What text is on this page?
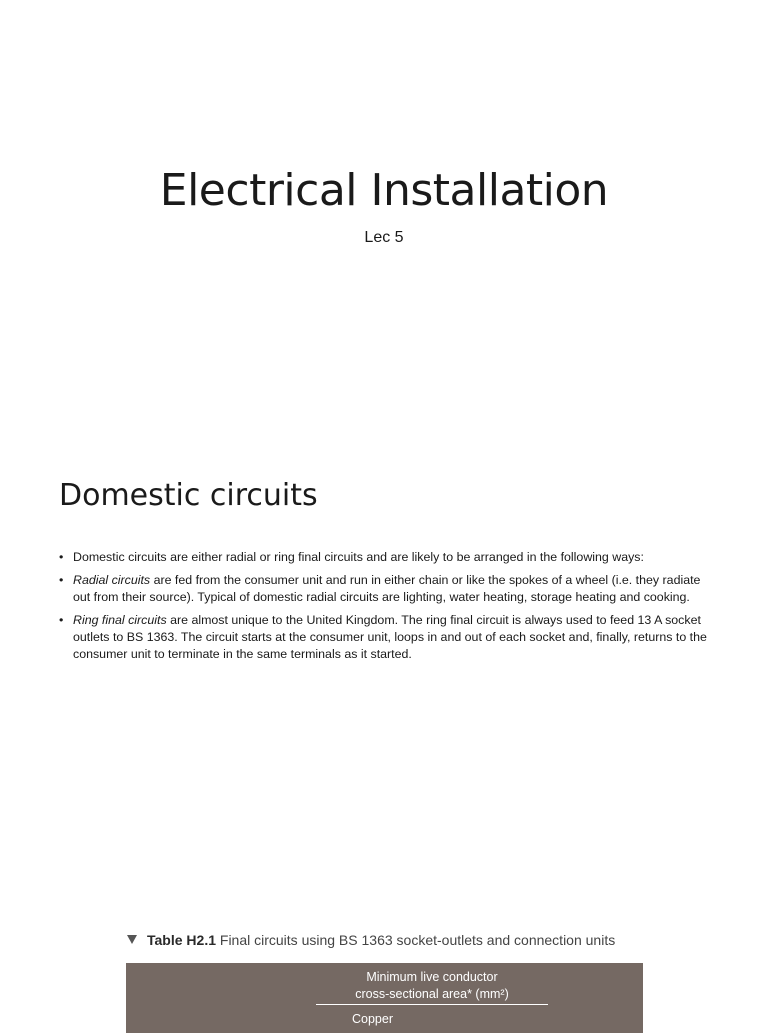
Electrical Installation

Lec 5

Domestic circuits
• Domestic circuits are either radial or ring final circuits and are likely to be arranged in the following ways:
• Radial circuits are fed from the consumer unit and run in either chain or like the spokes of a wheel (i.e. they radiate out from their source). Typical of domestic radial circuits are lighting, water heating, storage heating and cooking.
• Ring final circuits are almost unique to the United Kingdom. The ring final circuit is always used to feed 13 A socket outlets to BS 1363. The circuit starts at the consumer unit, loops in and out of each socket and, finally, returns to the consumer unit to terminate in the same terminals as it started.

Table H2.1 Final circuits using BS 1363 socket-outlets and connection units

Minimum live conductor
cross-sectional area* (mm²)
Copper
